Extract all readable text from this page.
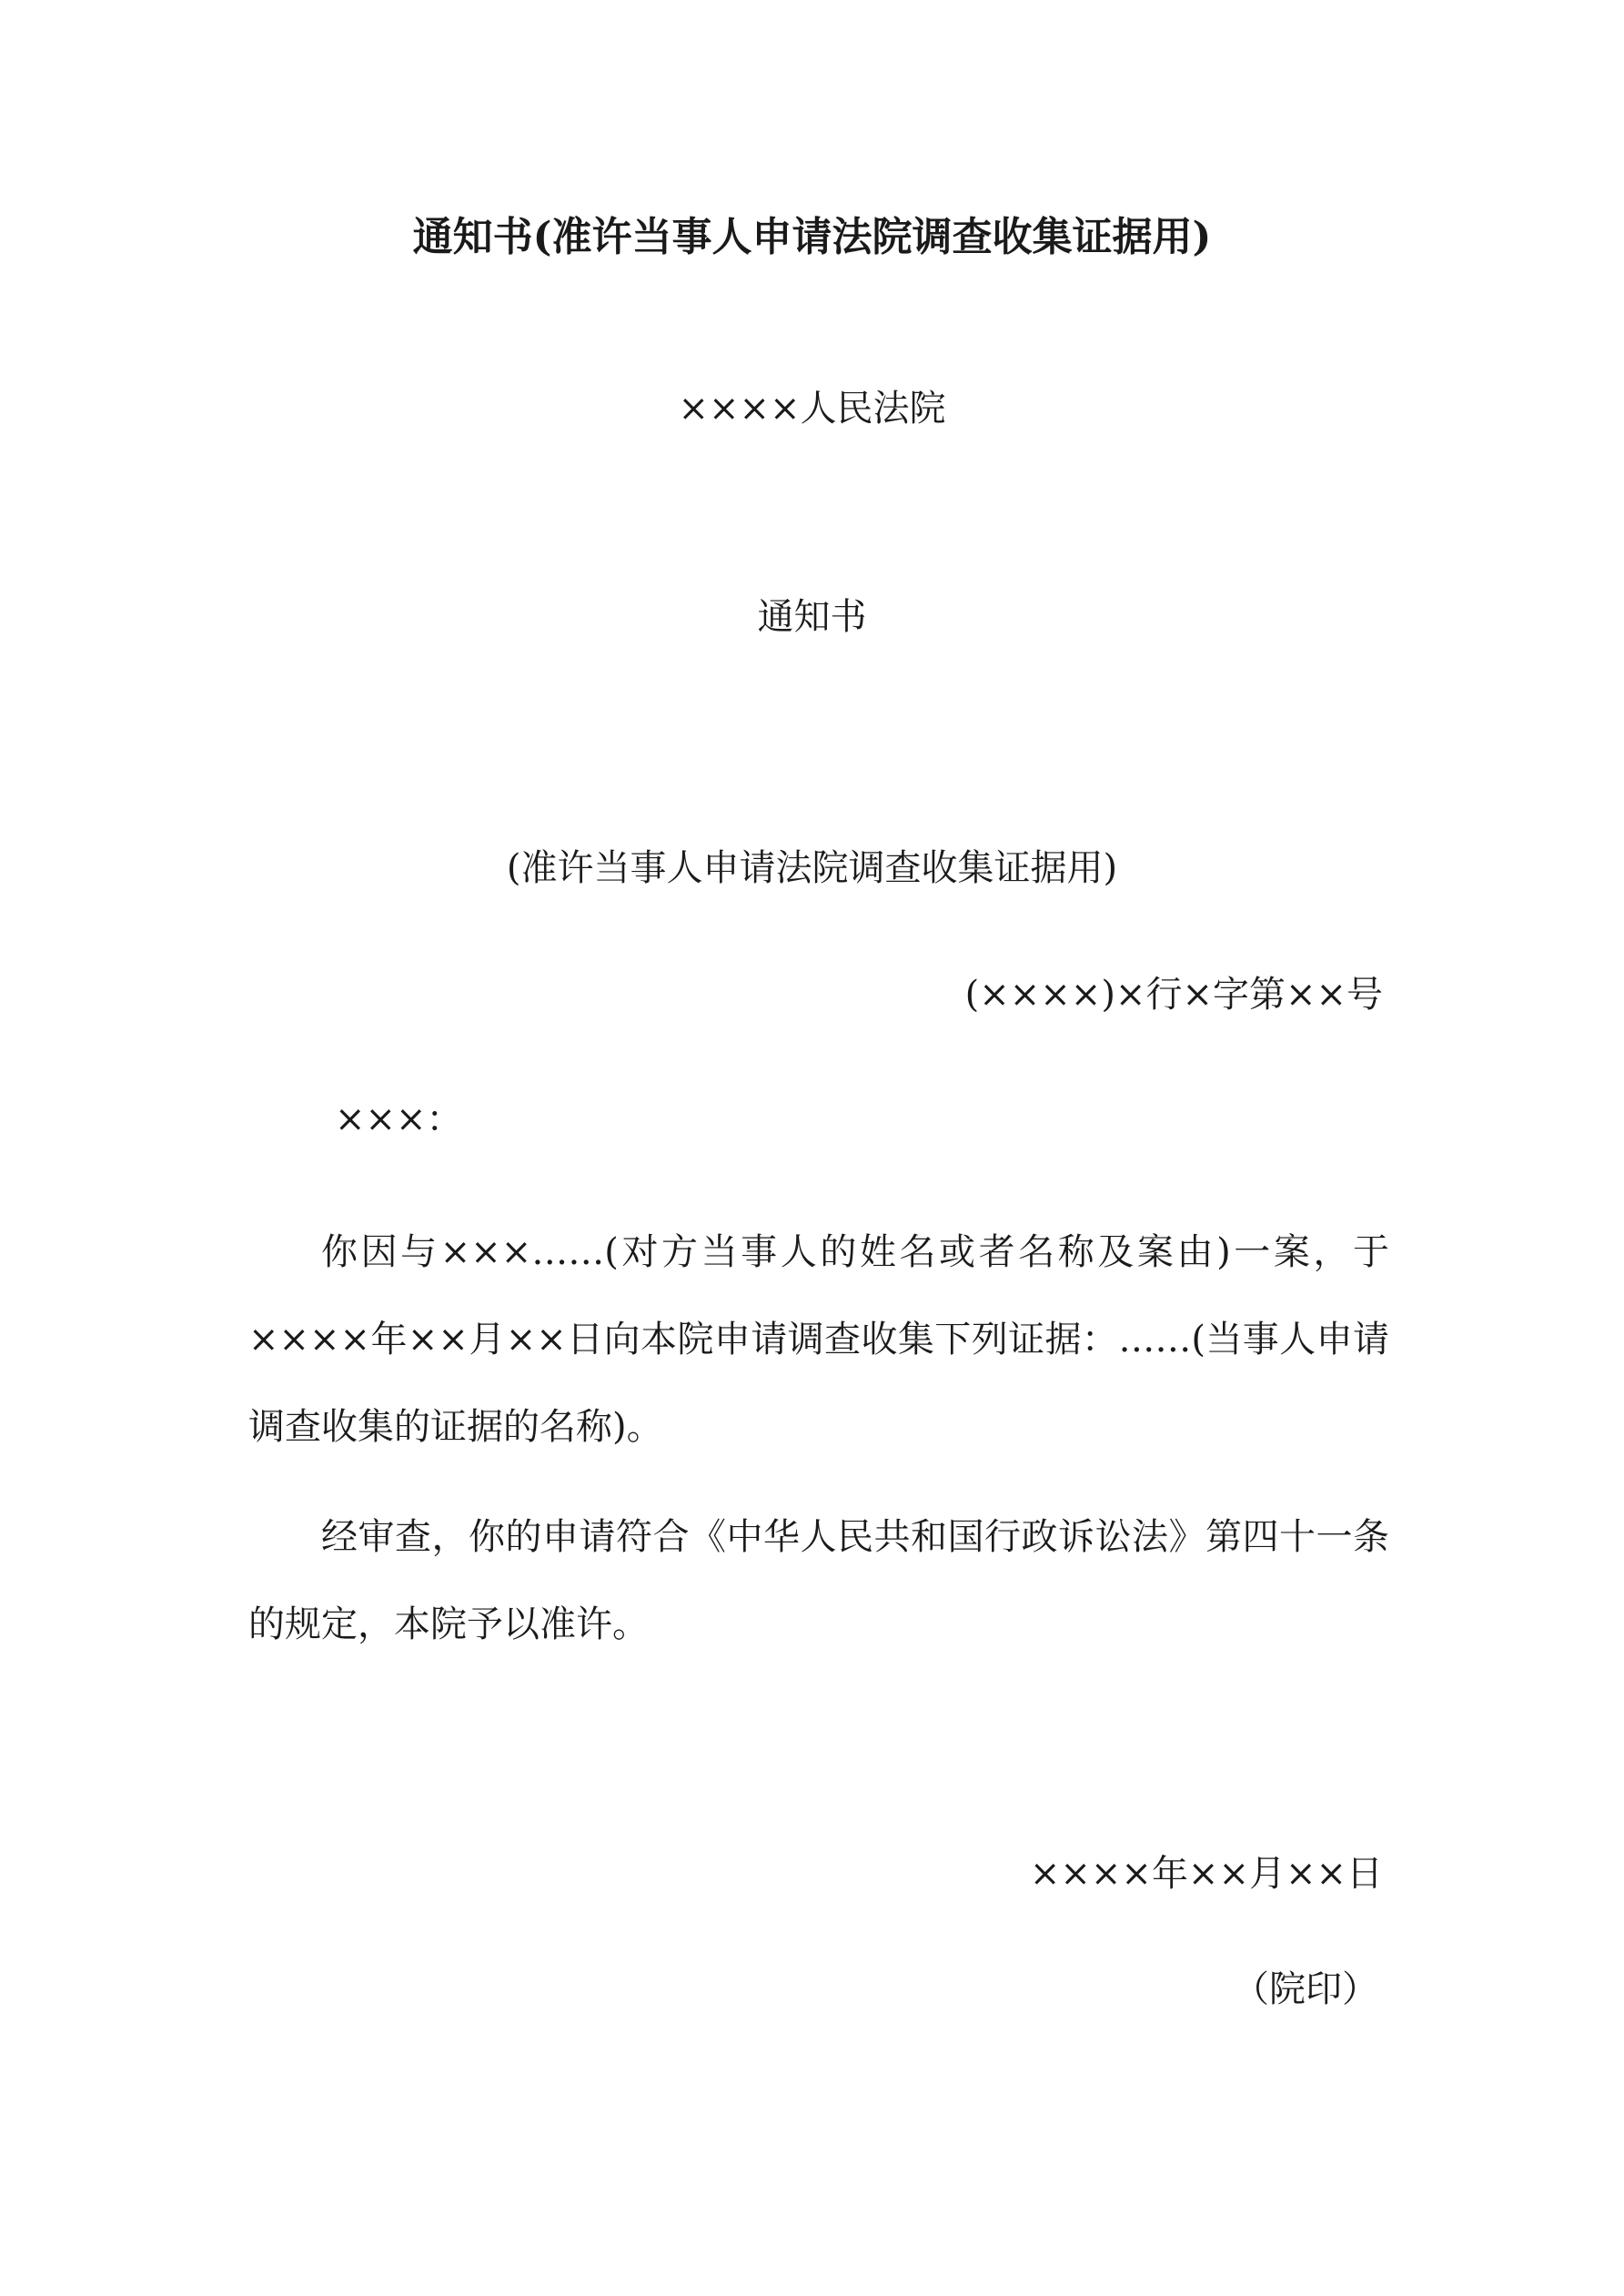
通知书(准许当事人申请法院调查收集证据用)
××××人民法院
通知书
(准许当事人申请法院调查收集证据用)
(××××)×行×字第××号
×××：
你因与×××……(对方当事人的姓名或者名称及案由)一案，于××××年××月××日向本院申请调查收集下列证据：……(当事人申请调查收集的证据的名称)。
经审查，你的申请符合《中华人民共和国行政诉讼法》第四十一条的规定，本院予以准许。
××××年××月××日
（院印）
